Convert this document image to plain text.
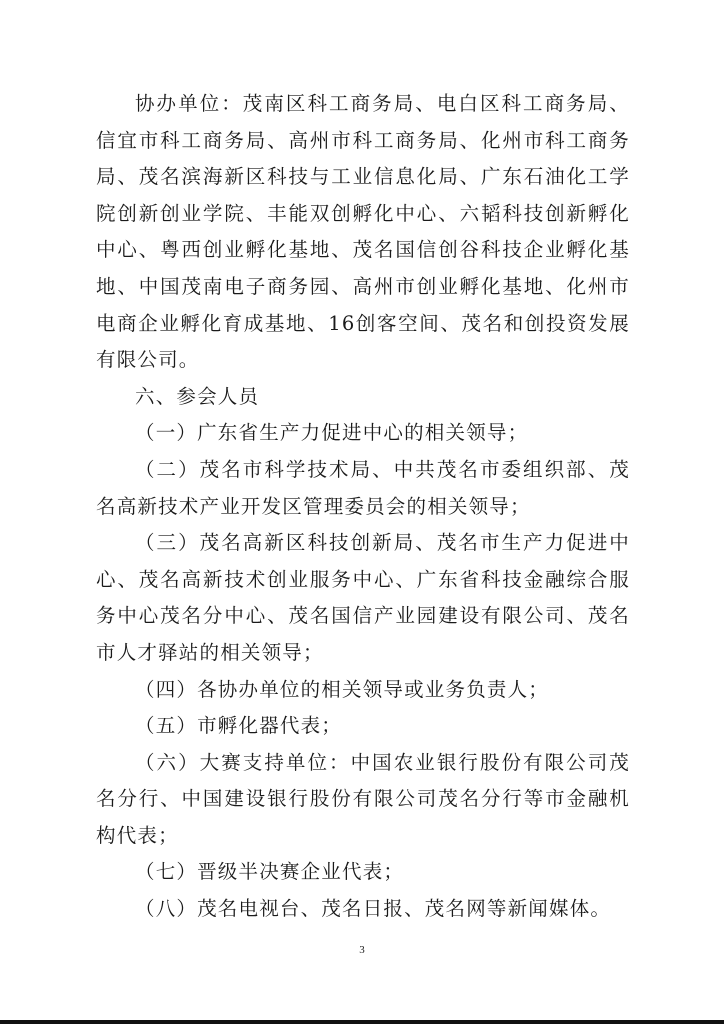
协办单位：茂南区科工商务局、电白区科工商务局、信宜市科工商务局、高州市科工商务局、化州市科工商务局、茂名滨海新区科技与工业信息化局、广东石油化工学院创新创业学院、丰能双创孵化中心、六韬科技创新孵化中心、粤西创业孵化基地、茂名国信创谷科技企业孵化基地、中国茂南电子商务园、高州市创业孵化基地、化州市电商企业孵化育成基地、16创客空间、茂名和创投资发展有限公司。

六、参会人员

（一）广东省生产力促进中心的相关领导；

（二）茂名市科学技术局、中共茂名市委组织部、茂名高新技术产业开发区管理委员会的相关领导；

（三）茂名高新区科技创新局、茂名市生产力促进中心、茂名高新技术创业服务中心、广东省科技金融综合服务中心茂名分中心、茂名国信产业园建设有限公司、茂名市人才驿站的相关领导；

（四）各协办单位的相关领导或业务负责人；

（五）市孵化器代表；

（六）大赛支持单位：中国农业银行股份有限公司茂名分行、中国建设银行股份有限公司茂名分行等市金融机构代表；

（七）晋级半决赛企业代表；

（八）茂名电视台、茂名日报、茂名网等新闻媒体。

3
